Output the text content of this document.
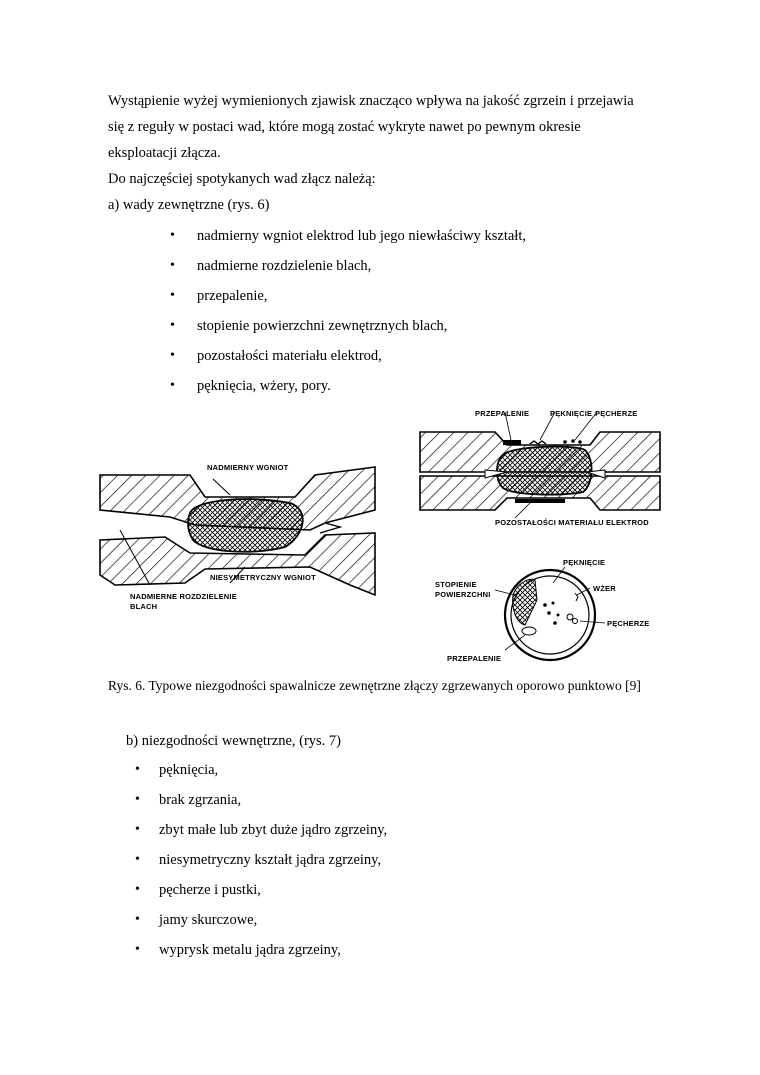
Wystąpienie wyżej wymienionych zjawisk znacząco wpływa na jakość zgrzein i przejawia
się z reguły w postaci wad, które mogą zostać wykryte nawet po pewnym okresie
eksploatacji złącza.
Do najczęściej spotykanych wad złącz należą:
a) wady zewnętrzne (rys. 6)

• nadmierny wgniot elektrod lub jego niewłaściwy kształt,
• nadmierne rozdzielenie blach,
• przepalenie,
• stopienie powierzchni zewnętrznych blach,
• pozostałości materiału elektrod,
• pęknięcia, wżery, pory.
NADMIERNY WGNIOT
NIESYMETRYCZNY WGNIOT
NADMIERNE ROZDZIELENIE
BLACH
PRZEPALENIE	PĘKNIĘCIE PĘCHERZE
POZOSTAŁOŚCI MATERIAŁU ELEKTROD
PĘKNIĘCIE
STOPIENIE
POWIERZCHNI
WŻER
PĘCHERZE
PRZEPALENIE
Rys. 6. Typowe niezgodności spawalnicze zewnętrzne złączy zgrzewanych oporowo punktowo [9]
b) niezgodności wewnętrzne, (rys. 7)
• pęknięcia,
• brak zgrzania,
• zbyt małe lub zbyt duże jądro zgrzeiny,
• niesymetryczny kształt jądra zgrzeiny,
• pęcherze i pustki,
• jamy skurczowe,
• wyprysk metalu jądra zgrzeiny,
